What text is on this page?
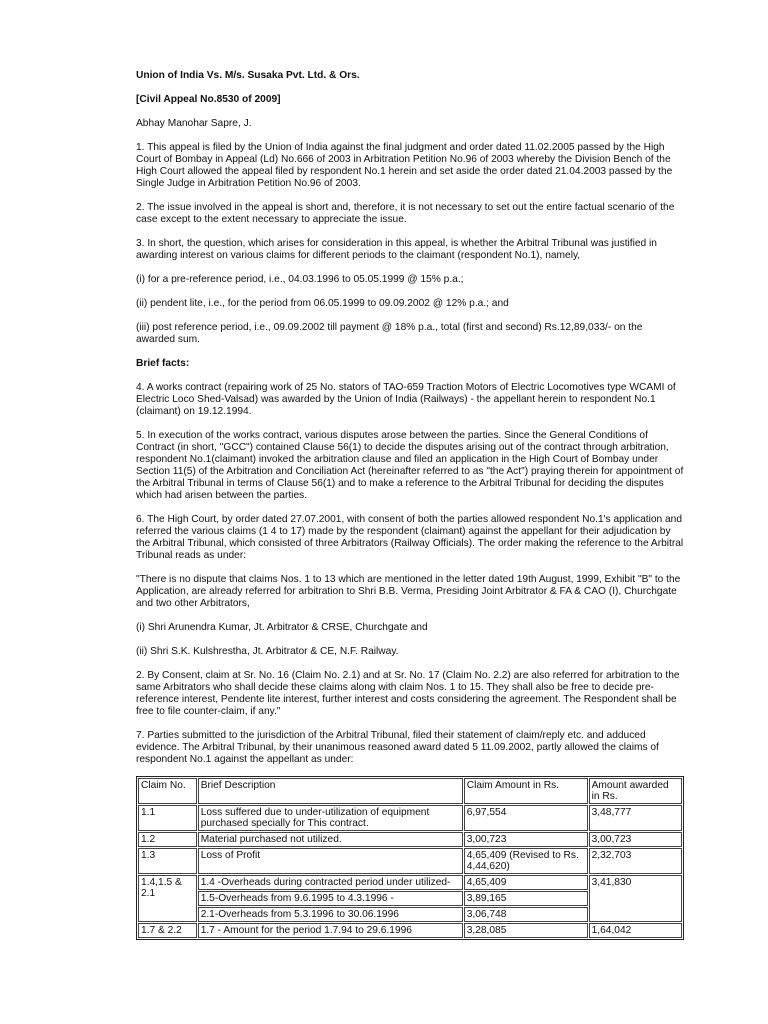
Union of India Vs. M/s. Susaka Pvt. Ltd. & Ors.

[Civil Appeal No.8530 of 2009]

Abhay Manohar Sapre, J.

1. This appeal is filed by the Union of India against the final judgment and order dated 11.02.2005 passed by the High Court of Bombay in Appeal (Ld) No.666 of 2003 in Arbitration Petition No.96 of 2003 whereby the Division Bench of the High Court allowed the appeal filed by respondent No.1 herein and set aside the order dated 21.04.2003 passed by the Single Judge in Arbitration Petition No.96 of 2003.

2. The issue involved in the appeal is short and, therefore, it is not necessary to set out the entire factual scenario of the case except to the extent necessary to appreciate the issue.

3. In short, the question, which arises for consideration in this appeal, is whether the Arbitral Tribunal was justified in awarding interest on various claims for different periods to the claimant (respondent No.1), namely,

(i) for a pre-reference period, i.e., 04.03.1996 to 05.05.1999 @ 15% p.a.;

(ii) pendent lite, i.e., for the period from 06.05.1999 to 09.09.2002 @ 12% p.a.; and

(iii) post reference period, i.e., 09.09.2002 till payment @ 18% p.a., total (first and second) Rs.12,89,033/- on the awarded sum.

Brief facts:

4. A works contract (repairing work of 25 No. stators of TAO-659 Traction Motors of Electric Locomotives type WCAMI of Electric Loco Shed-Valsad) was awarded by the Union of India (Railways) - the appellant herein to respondent No.1 (claimant) on 19.12.1994.

5. In execution of the works contract, various disputes arose between the parties. Since the General Conditions of Contract (in short, "GCC") contained Clause 56(1) to decide the disputes arising out of the contract through arbitration, respondent No.1(claimant) invoked the arbitration clause and filed an application in the High Court of Bombay under Section 11(5) of the Arbitration and Conciliation Act (hereinafter referred to as "the Act") praying therein for appointment of the Arbitral Tribunal in terms of Clause 56(1) and to make a reference to the Arbitral Tribunal for deciding the disputes which had arisen between the parties.

6. The High Court, by order dated 27.07.2001, with consent of both the parties allowed respondent No.1's application and referred the various claims (1 4 to 17) made by the respondent (claimant) against the appellant for their adjudication by the Arbitral Tribunal, which consisted of three Arbitrators (Railway Officials). The order making the reference to the Arbitral Tribunal reads as under:

"There is no dispute that claims Nos. 1 to 13 which are mentioned in the letter dated 19th August, 1999, Exhibit "B" to the Application, are already referred for arbitration to Shri B.B. Verma, Presiding Joint Arbitrator & FA & CAO (I), Churchgate and two other Arbitrators,

(i) Shri Arunendra Kumar, Jt. Arbitrator & CRSE, Churchgate and

(ii) Shri S.K. Kulshrestha, Jt. Arbitrator & CE, N.F. Railway.

2. By Consent, claim at Sr. No. 16 (Claim No. 2.1) and at Sr. No. 17 (Claim No. 2.2) are also referred for arbitration to the same Arbitrators who shall decide these claims along with claim Nos. 1 to 15. They shall also be free to decide pre-reference interest, Pendente lite interest, further interest and costs considering the agreement. The Respondent shall be free to file counter-claim, if any."

7. Parties submitted to the jurisdiction of the Arbitral Tribunal, filed their statement of claim/reply etc. and adduced evidence. The Arbitral Tribunal, by their unanimous reasoned award dated 5 11.09.2002, partly allowed the claims of respondent No.1 against the appellant as under:

Claim No.	Brief Description	Claim Amount in Rs.	Amount awarded in Rs.
1.1	Loss suffered due to under-utilization of equipment purchased specially for This contract.	6,97,554	3,48,777
1.2	Material purchased not utilized.	3,00,723	3,00,723
1.3	Loss of Profit	4,65,409 (Revised to Rs. 4,44,620)	2,32,703
1.4,1.5 & 2.1	1.4 -Overheads during contracted period under utilized-	4,65,409	3,41,830
	1.5-Overheads from 9.6.1995 to 4.3.1996 -	3,89,165	
	2.1-Overheads from 5.3.1996 to 30.06.1996	3,06,748	
1.7 & 2.2	1.7 - Amount for the period 1.7.94 to 29.6.1996	3,28,085	1,64,042
